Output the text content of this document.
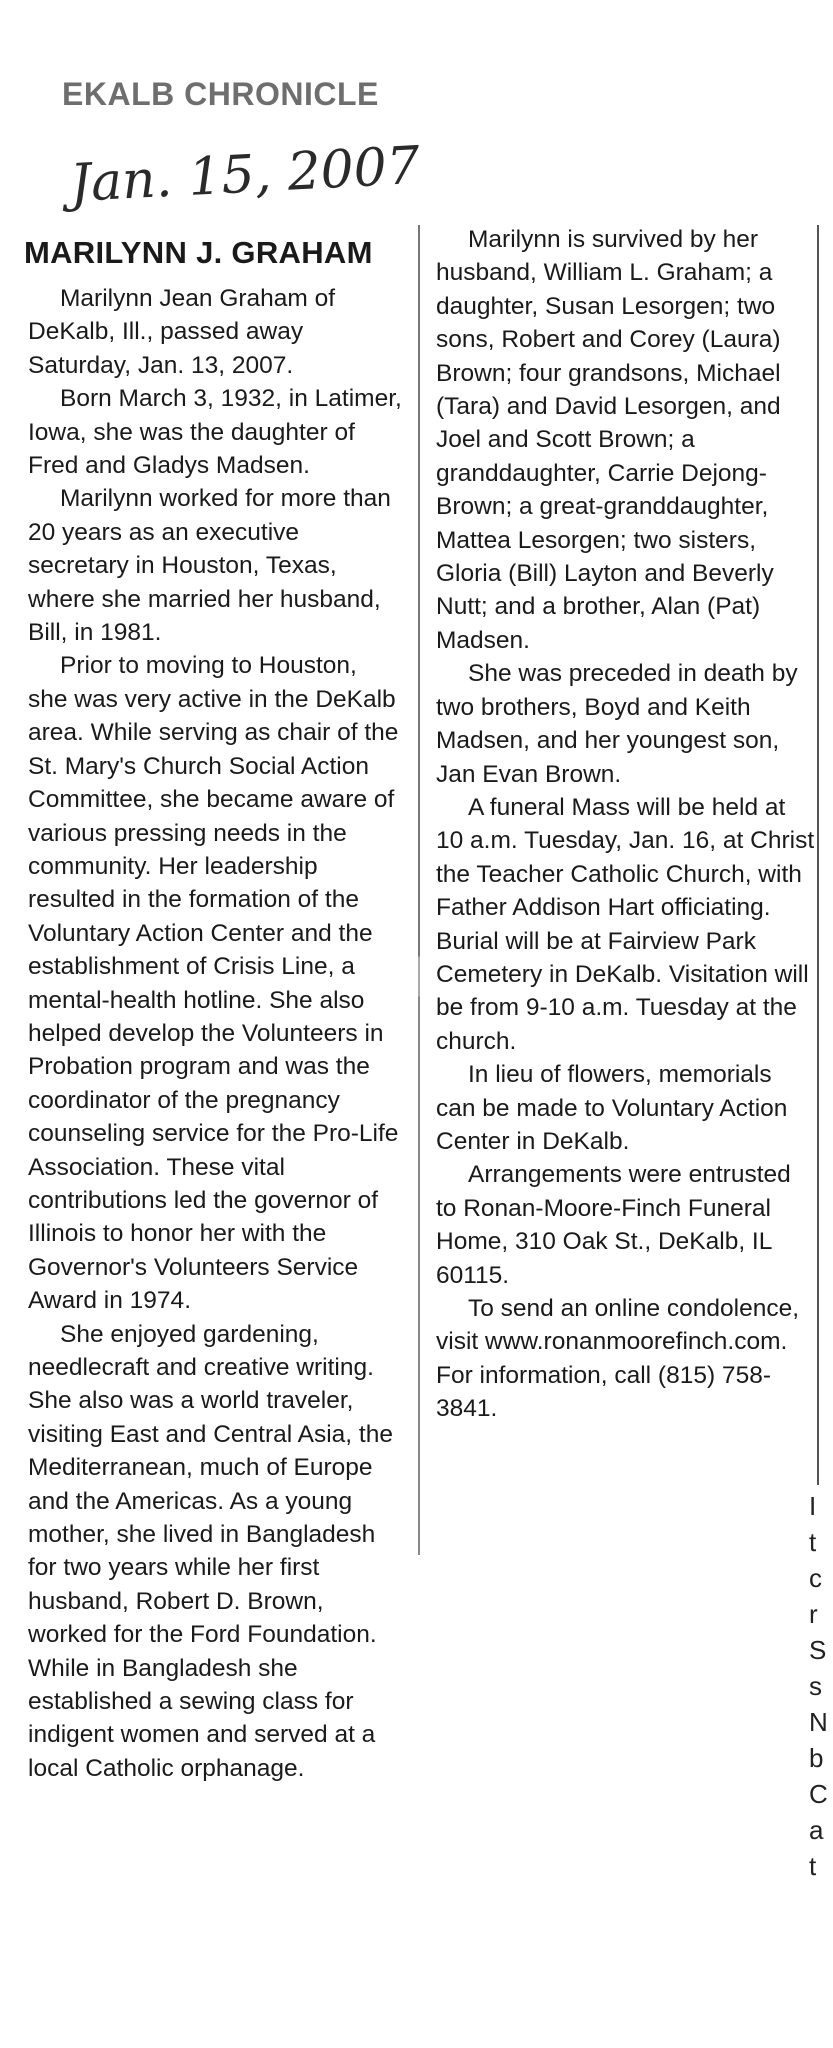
EKALB CHRONICLE
Jan. 15, 2007
MARILYNN J. GRAHAM

Marilynn Jean Graham of DeKalb, Ill., passed away Saturday, Jan. 13, 2007.

Born March 3, 1932, in Latimer, Iowa, she was the daughter of Fred and Gladys Madsen.

Marilynn worked for more than 20 years as an executive secretary in Houston, Texas, where she married her husband, Bill, in 1981.

Prior to moving to Houston, she was very active in the DeKalb area. While serving as chair of the St. Mary's Church Social Action Committee, she became aware of various pressing needs in the community. Her leadership resulted in the formation of the Voluntary Action Center and the establishment of Crisis Line, a mental-health hotline. She also helped develop the Volunteers in Probation program and was the coordinator of the pregnancy counseling service for the Pro-Life Association. These vital contributions led the governor of Illinois to honor her with the Governor's Volunteers Service Award in 1974.

She enjoyed gardening, needlecraft and creative writing. She also was a world traveler, visiting East and Central Asia, the Mediterranean, much of Europe and the Americas. As a young mother, she lived in Bangladesh for two years while her first husband, Robert D. Brown, worked for the Ford Foundation. While in Bangladesh she established a sewing class for indigent women and served at a local Catholic orphanage.

Marilynn is survived by her husband, William L. Graham; a daughter, Susan Lesorgen; two sons, Robert and Corey (Laura) Brown; four grandsons, Michael (Tara) and David Lesorgen, and Joel and Scott Brown; a granddaughter, Carrie Dejong-Brown; a great-granddaughter, Mattea Lesorgen; two sisters, Gloria (Bill) Layton and Beverly Nutt; and a brother, Alan (Pat) Madsen.

She was preceded in death by two brothers, Boyd and Keith Madsen, and her youngest son, Jan Evan Brown.

A funeral Mass will be held at 10 a.m. Tuesday, Jan. 16, at Christ the Teacher Catholic Church, with Father Addison Hart officiating. Burial will be at Fairview Park Cemetery in DeKalb. Visitation will be from 9-10 a.m. Tuesday at the church.

In lieu of flowers, memorials can be made to Voluntary Action Center in DeKalb.

Arrangements were entrusted to Ronan-Moore-Finch Funeral Home, 310 Oak St., DeKalb, IL 60115.

To send an online condolence, visit www.ronanmoorefinch.com. For information, call (815) 758-3841.

I
t
c
r
S
s
N
b
C
a
t
